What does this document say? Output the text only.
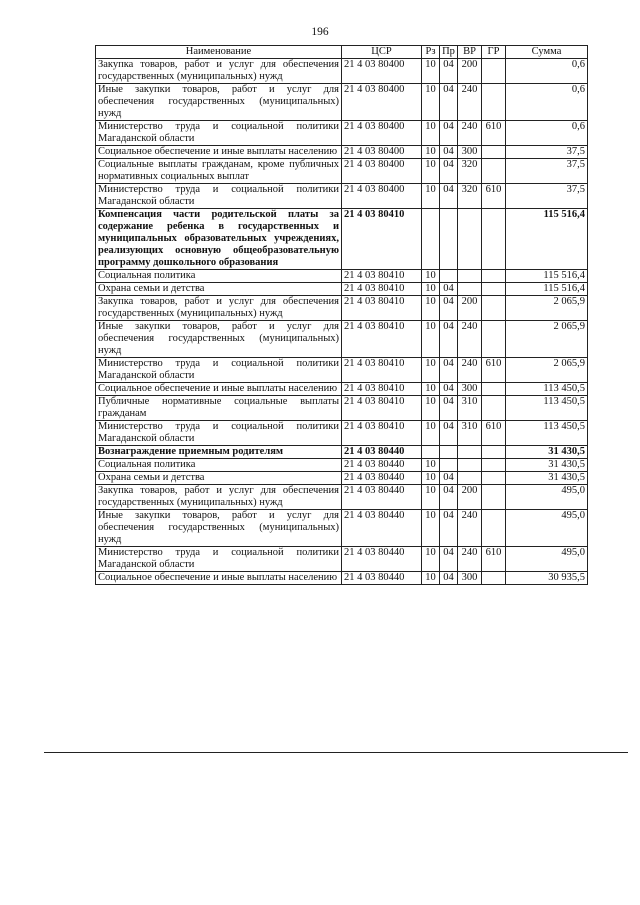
196
Наименование	ЦСР	Рз	Пр	ВР	ГР	Сумма
Закупка товаров, работ и услуг для обеспечения государственных (муниципальных) нужд	21 4 03 80400	10	04	200		0,6
Иные закупки товаров, работ и услуг для обеспечения государственных (муниципальных) нужд	21 4 03 80400	10	04	240		0,6
Министерство труда и социальной политики Магаданской области	21 4 03 80400	10	04	240	610	0,6
Социальное обеспечение и иные выплаты населению	21 4 03 80400	10	04	300		37,5
Социальные выплаты гражданам, кроме публичных нормативных социальных выплат	21 4 03 80400	10	04	320		37,5
Министерство труда и социальной политики Магаданской области	21 4 03 80400	10	04	320	610	37,5
Компенсация части родительской платы за содержание ребенка в государственных и муниципальных образовательных учреждениях, реализующих основную общеобразовательную программу дошкольного образования	21 4 03 80410					115 516,4
Социальная политика	21 4 03 80410	10				115 516,4
Охрана семьи и детства	21 4 03 80410	10	04			115 516,4
Закупка товаров, работ и услуг для обеспечения государственных (муниципальных) нужд	21 4 03 80410	10	04	200		2 065,9
Иные закупки товаров, работ и услуг для обеспечения государственных (муниципальных) нужд	21 4 03 80410	10	04	240		2 065,9
Министерство труда и социальной политики Магаданской области	21 4 03 80410	10	04	240	610	2 065,9
Социальное обеспечение и иные выплаты населению	21 4 03 80410	10	04	300		113 450,5
Публичные нормативные социальные выплаты гражданам	21 4 03 80410	10	04	310		113 450,5
Министерство труда и социальной политики Магаданской области	21 4 03 80410	10	04	310	610	113 450,5
Вознаграждение приемным родителям	21 4 03 80440					31 430,5
Социальная политика	21 4 03 80440	10				31 430,5
Охрана семьи и детства	21 4 03 80440	10	04			31 430,5
Закупка товаров, работ и услуг для обеспечения государственных (муниципальных) нужд	21 4 03 80440	10	04	200		495,0
Иные закупки товаров, работ и услуг для обеспечения государственных (муниципальных) нужд	21 4 03 80440	10	04	240		495,0
Министерство труда и социальной политики Магаданской области	21 4 03 80440	10	04	240	610	495,0
Социальное обеспечение и иные выплаты населению	21 4 03 80440	10	04	300		30 935,5
